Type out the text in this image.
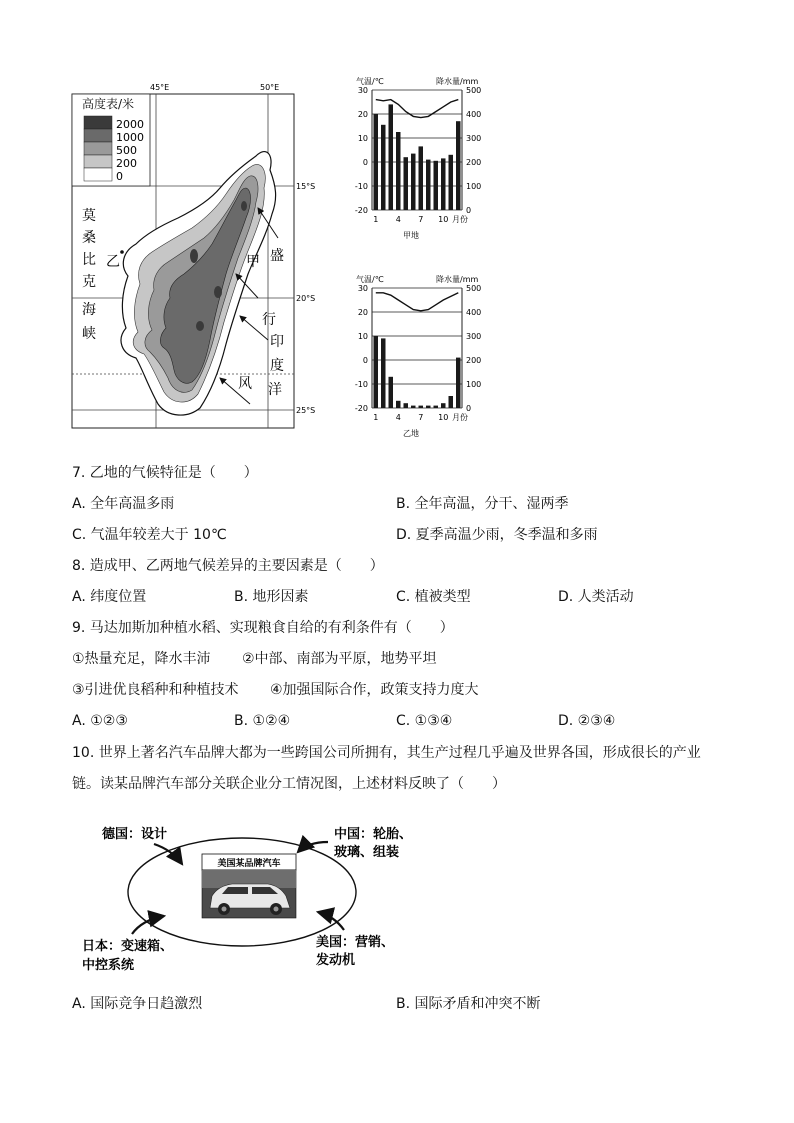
高度表/米
2000
1000
500
200
0
45°E	50°E
15°S
20°S
25°S
莫
桑
比
克
海
峡
乙	甲 盛
行
印
度
风 洋
气温/℃	降水量/mm
30	500
20	400
10	300
0	200
-10	100
-20	0
1 4 7 10 月份
甲地
气温/℃	降水量/mm
30	500
20	400
10	300
0	200
-10	100
-20	0
1 4 7 10 月份
乙地
7. 乙地的气候特征是（　　）
A. 全年高温多雨	B. 全年高温，分干、湿两季
C. 气温年较差大于 10℃	D. 夏季高温少雨，冬季温和多雨
8. 造成甲、乙两地气候差异的主要因素是（　　）
A. 纬度位置	B. 地形因素	C. 植被类型	D. 人类活动
9. 马达加斯加种植水稻、实现粮食自给的有利条件有（　　）
①热量充足，降水丰沛 ②中部、南部为平原，地势平坦
③引进优良稻种和种植技术 ④加强国际合作，政策支持力度大
A. ①②③	B. ①②④	C. ①③④	D. ②③④
10. 世界上著名汽车品牌大都为一些跨国公司所拥有，其生产过程几乎遍及世界各国，形成很长的产业
链。读某品牌汽车部分关联企业分工情况图，上述材料反映了（　　）
美国某品牌汽车
德国：设计	中国：轮胎、
玻璃、组装
日本：变速箱、
中控系统
美国：营销、
发动机
A. 国际竞争日趋激烈	B. 国际矛盾和冲突不断
